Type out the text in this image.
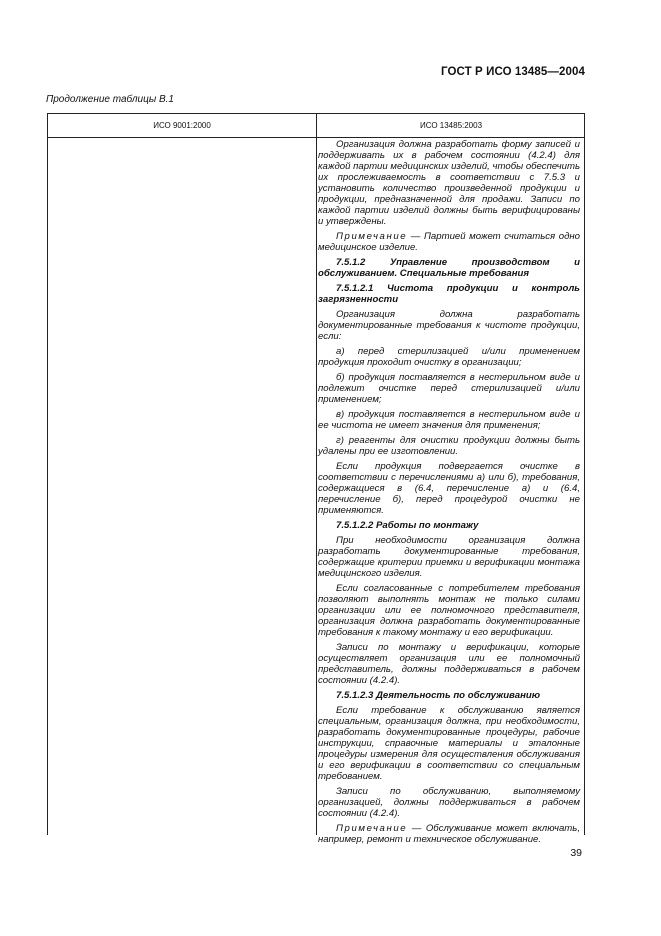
ГОСТ Р ИСО 13485—2004
Продолжение таблицы В.1
ИСО 9001:2000	ИСО 13485:2003

Организация должна разработать форму записей и поддерживать их в рабочем состоянии (4.2.4) для каждой партии медицинских изделий, чтобы обеспечить их прослеживаемость в соответствии с 7.5.3 и установить количество произведенной продукции и продукции, предназначенной для продажи. Записи по каждой партии изделий должны быть верифицированы и утверждены.

Примечание — Партией может считаться одно медицинское изделие.

7.5.1.2 Управление производством и обслуживанием. Специальные требования

7.5.1.2.1 Чистота продукции и контроль загрязненности

Организация должна разработать документированные требования к чистоте продукции, если:

а) перед стерилизацией и/или применением продукция проходит очистку в организации;

б) продукция поставляется в нестерильном виде и подлежит очистке перед стерилизацией и/или применением;

в) продукция поставляется в нестерильном виде и ее чистота не имеет значения для применения;

г) реагенты для очистки продукции должны быть удалены при ее изготовлении.

Если продукция подвергается очистке в соответствии с перечислениями а) или б), требования, содержащиеся в (6.4, перечисление а) и (6.4, перечисление б), перед процедурой очистки не применяются.

7.5.1.2.2 Работы по монтажу

При необходимости организация должна разработать документированные требования, содержащие критерии приемки и верификации монтажа медицинского изделия.

Если согласованные с потребителем требования позволяют выполнять монтаж не только силами организации или ее полномочного представителя, организация должна разработать документированные требования к такому монтажу и его верификации.

Записи по монтажу и верификации, которые осуществляет организация или ее полномочный представитель, должны поддерживаться в рабочем состоянии (4.2.4).

7.5.1.2.3 Деятельность по обслуживанию

Если требование к обслуживанию является специальным, организация должна, при необходимости, разработать документированные процедуры, рабочие инструкции, справочные материалы и эталонные процедуры измерения для осуществления обслуживания и его верификации в соответствии со специальным требованием.

Записи по обслуживанию, выполняемому организацией, должны поддерживаться в рабочем состоянии (4.2.4).

Примечание — Обслуживание может включать, например, ремонт и техническое обслуживание.

39
